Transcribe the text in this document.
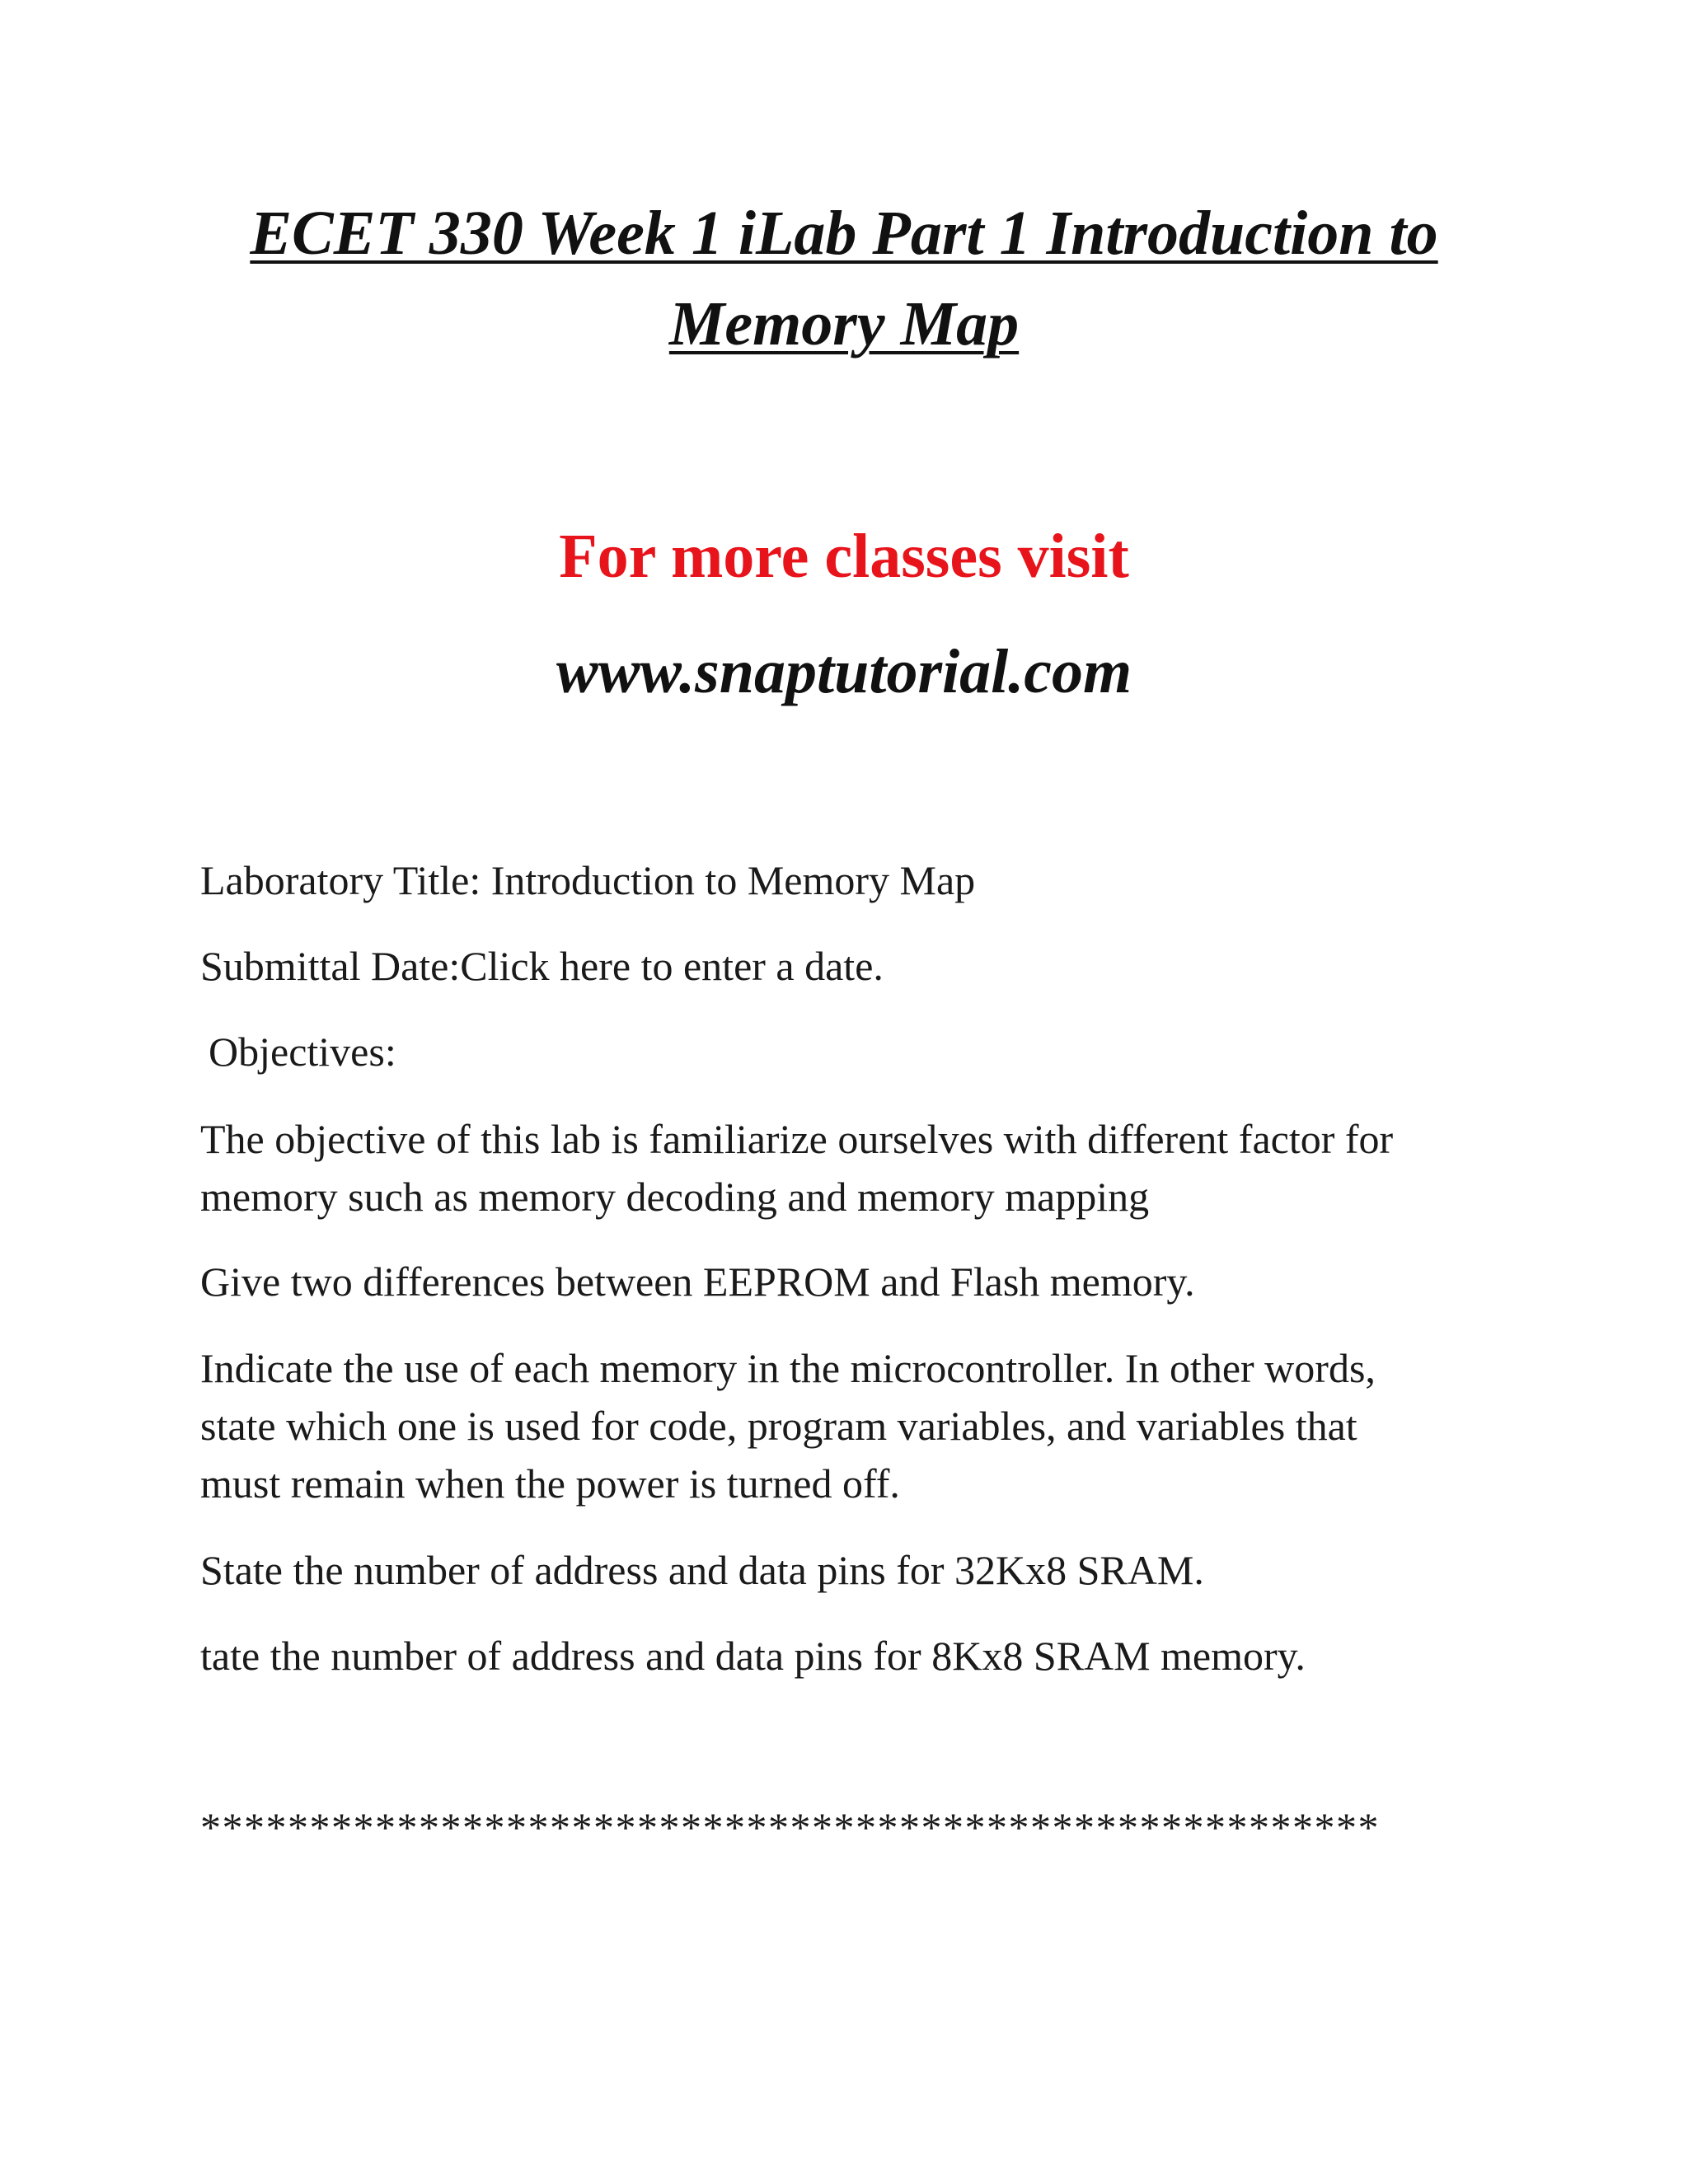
ECET 330 Week 1 iLab Part 1 Introduction to
Memory Map
For more classes visit
www.snaptutorial.com
Laboratory Title: Introduction to Memory Map
Submittal Date:Click here to enter a date.
Objectives:
The objective of this lab is familiarize ourselves with different factor for
memory such as memory decoding and memory mapping
Give two differences between EEPROM and Flash memory.
Indicate the use of each memory in the microcontroller. In other words,
state which one is used for code, program variables, and variables that
must remain when the power is turned off.
State the number of address and data pins for 32Kx8 SRAM.
tate the number of address and data pins for 8Kx8 SRAM memory.
******************************************************
